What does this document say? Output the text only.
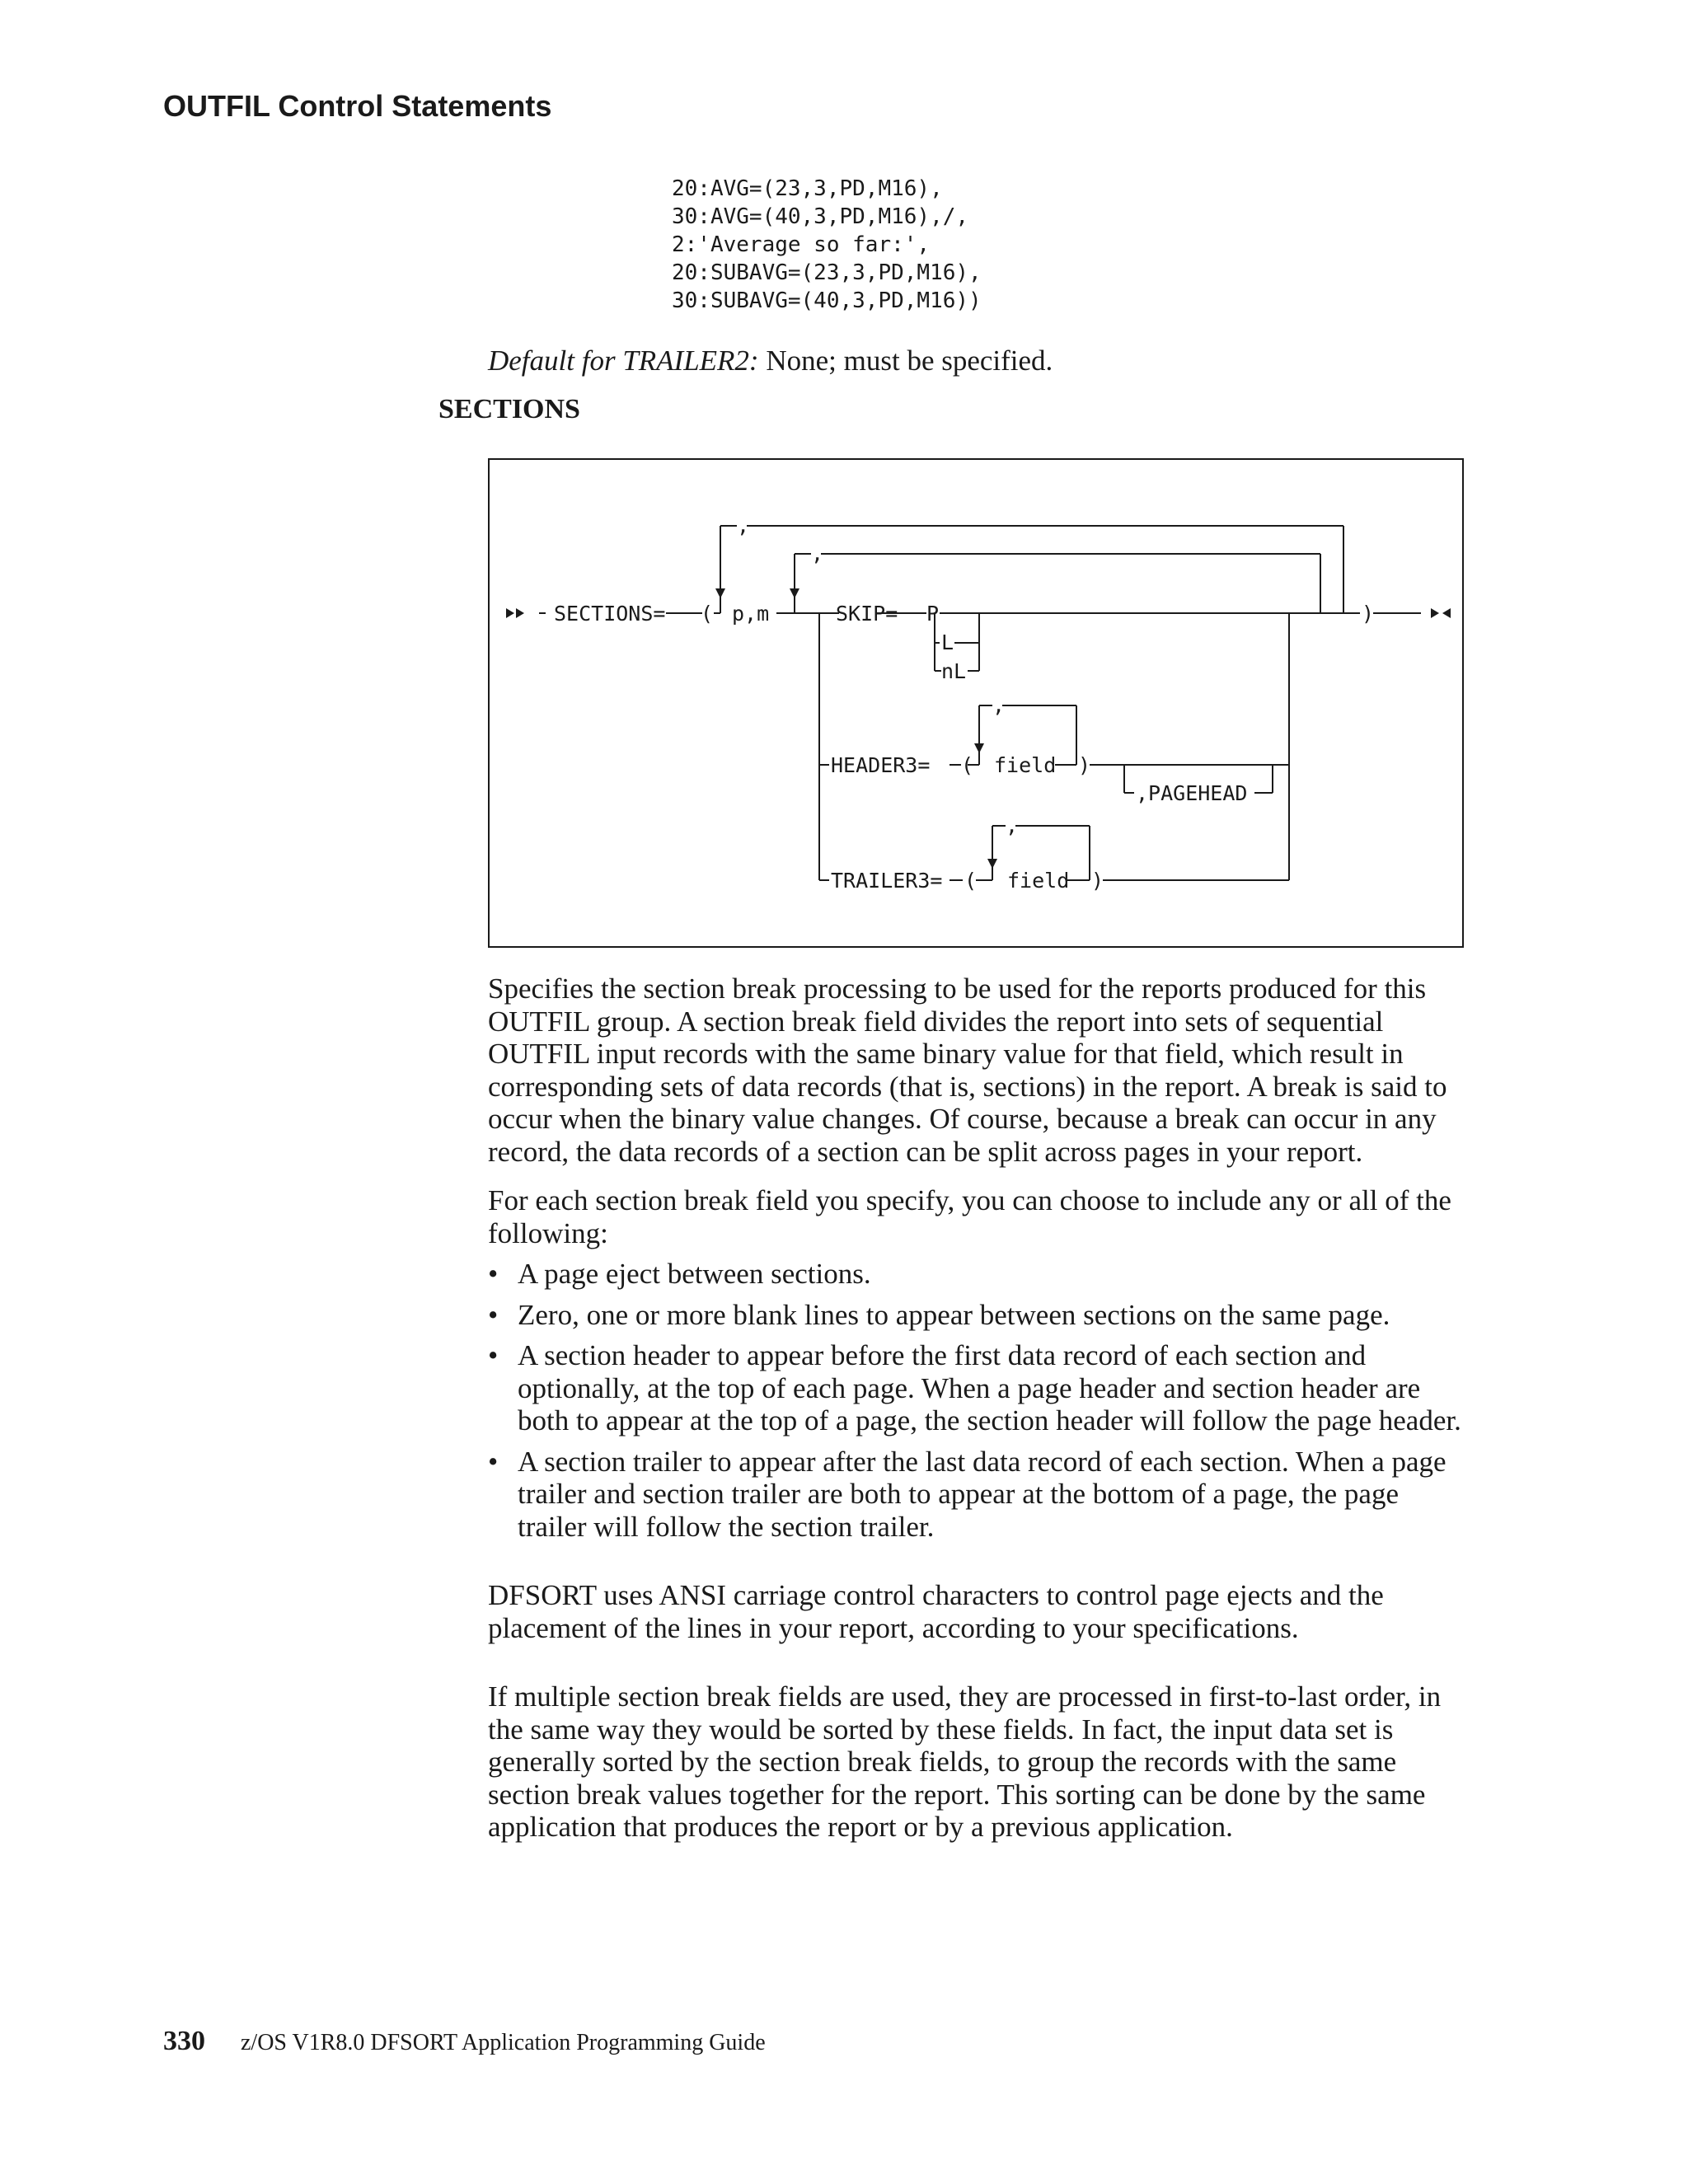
OUTFIL Control Statements
20:AVG=(23,3,PD,M16),
30:AVG=(40,3,PD,M16),/,
2:'Average so far:',
20:SUBAVG=(23,3,PD,M16),
30:SUBAVG=(40,3,PD,M16))
Default for TRAILER2: None; must be specified.
SECTIONS
SECTIONS= ( p,m
,
,
SKIP= P
L
nL
HEADER3= (
,
field )
,PAGEHEAD
TRAILER3= (
,
field )
)

Specifies the section break processing to be used for the reports produced for this OUTFIL group. A section break field divides the report into sets of sequential OUTFIL input records with the same binary value for that field, which result in corresponding sets of data records (that is, sections) in the report. A break is said to occur when the binary value changes. Of course, because a break can occur in any record, the data records of a section can be split across pages in your report.

For each section break field you specify, you can choose to include any or all of the following:

• A page eject between sections.
• Zero, one or more blank lines to appear between sections on the same page.
• A section header to appear before the first data record of each section and optionally, at the top of each page. When a page header and section header are both to appear at the top of a page, the section header will follow the page header.
• A section trailer to appear after the last data record of each section. When a page trailer and section trailer are both to appear at the bottom of a page, the page trailer will follow the section trailer.

DFSORT uses ANSI carriage control characters to control page ejects and the placement of the lines in your report, according to your specifications.

If multiple section break fields are used, they are processed in first-to-last order, in the same way they would be sorted by these fields. In fact, the input data set is generally sorted by the section break fields, to group the records with the same section break values together for the report. This sorting can be done by the same application that produces the report or by a previous application.

330 z/OS V1R8.0 DFSORT Application Programming Guide
